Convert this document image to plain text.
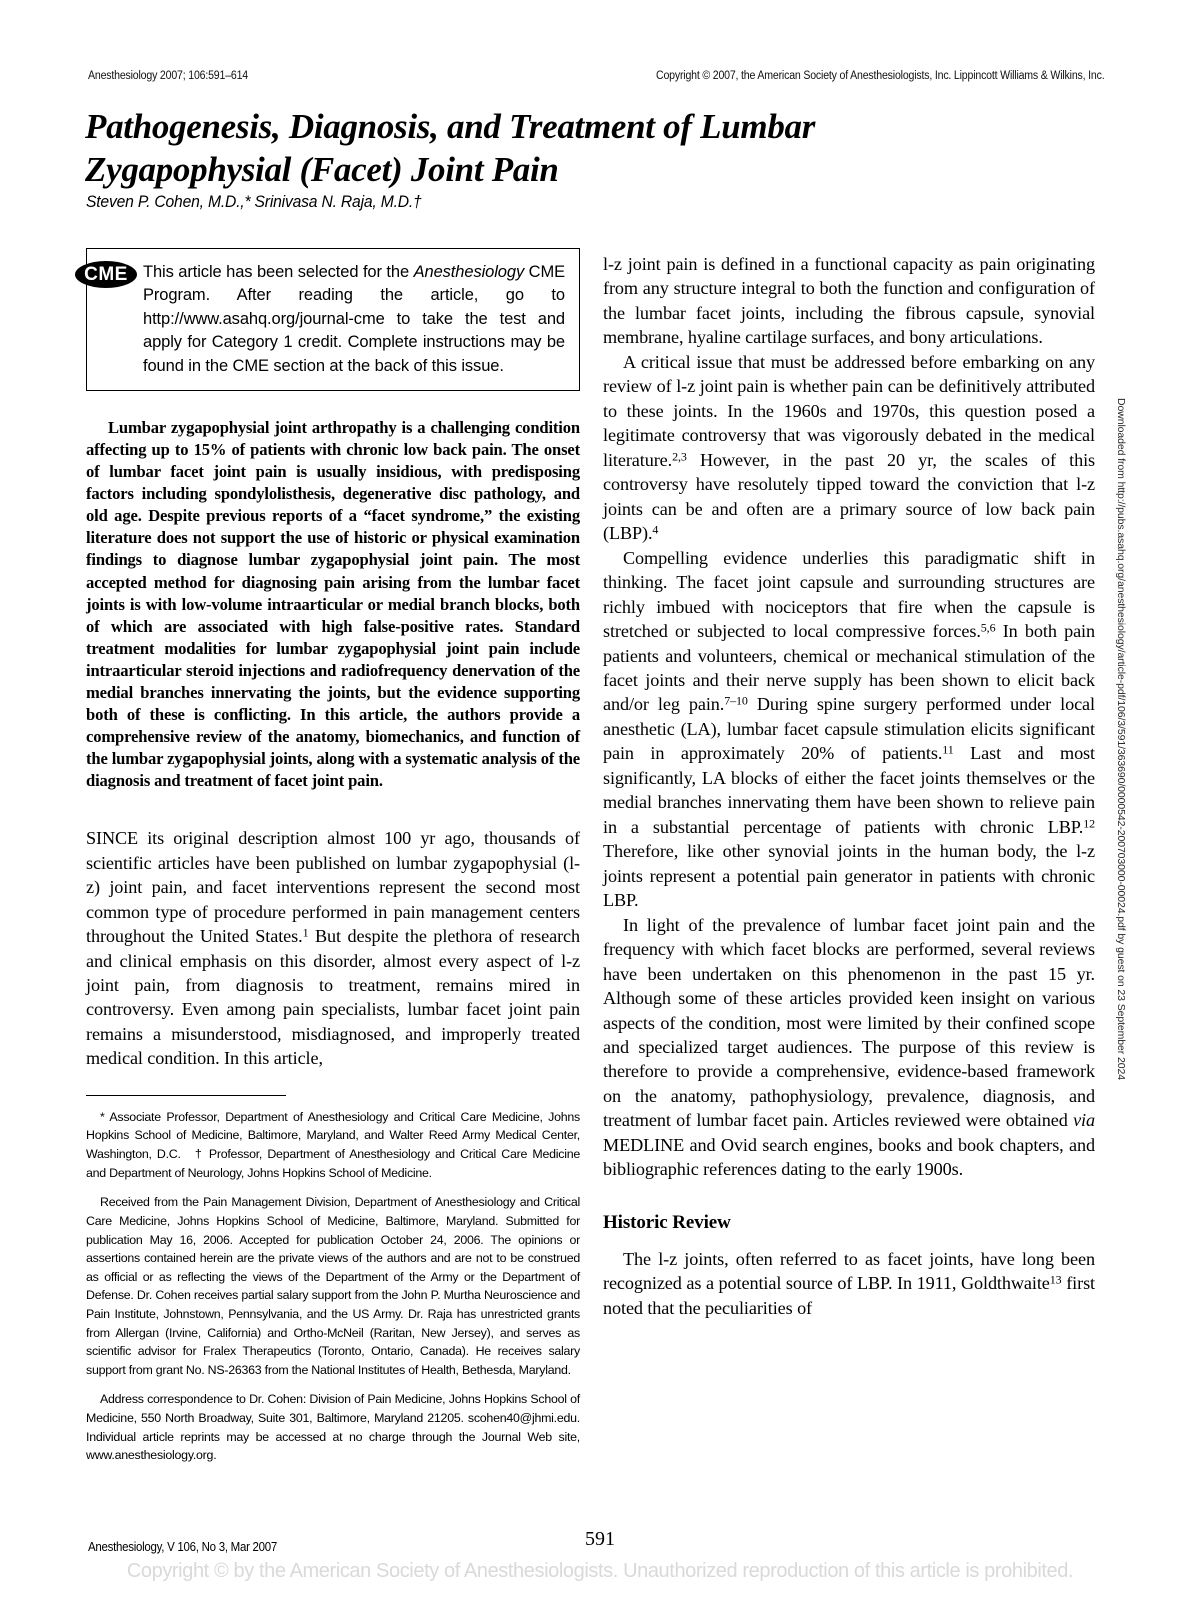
Anesthesiology 2007; 106:591–614	Copyright © 2007, the American Society of Anesthesiologists, Inc. Lippincott Williams & Wilkins, Inc.
Pathogenesis, Diagnosis, and Treatment of Lumbar
Zygapophysial (Facet) Joint Pain
Steven P. Cohen, M.D.,* Srinivasa N. Raja, M.D.†
CME This article has been selected for the Anesthesiology CME Program. After reading the article, go to http://www.asahq.org/journal-cme to take the test and apply for Category 1 credit. Complete instructions may be found in the CME section at the back of this issue.
Lumbar zygapophysial joint arthropathy is a challenging condition affecting up to 15% of patients with chronic low back pain. The onset of lumbar facet joint pain is usually insidious, with predisposing factors including spondylolisthesis, degenerative disc pathology, and old age. Despite previous reports of a “facet syndrome,” the existing literature does not support the use of historic or physical examination findings to diagnose lumbar zygapophysial joint pain. The most accepted method for diagnosing pain arising from the lumbar facet joints is with low-volume intraarticular or medial branch blocks, both of which are associated with high false-positive rates. Standard treatment modalities for lumbar zygapophysial joint pain include intraarticular steroid injections and radiofrequency denervation of the medial branches innervating the joints, but the evidence supporting both of these is conflicting. In this article, the authors provide a comprehensive review of the anatomy, biomechanics, and function of the lumbar zygapophysial joints, along with a systematic analysis of the diagnosis and treatment of facet joint pain.

SINCE its original description almost 100 yr ago, thousands of scientific articles have been published on lumbar zygapophysial (l-z) joint pain, and facet interventions represent the second most common type of procedure performed in pain management centers throughout the United States.$^1$ But despite the plethora of research and clinical emphasis on this disorder, almost every aspect of l-z joint pain, from diagnosis to treatment, remains mired in controversy. Even among pain specialists, lumbar facet joint pain remains a misunderstood, misdiagnosed, and improperly treated medical condition. In this article,

* Associate Professor, Department of Anesthesiology and Critical Care Medicine, Johns Hopkins School of Medicine, Baltimore, Maryland, and Walter Reed Army Medical Center, Washington, D.C. † Professor, Department of Anesthesiology and Critical Care Medicine and Department of Neurology, Johns Hopkins School of Medicine.

Received from the Pain Management Division, Department of Anesthesiology and Critical Care Medicine, Johns Hopkins School of Medicine, Baltimore, Maryland. Submitted for publication May 16, 2006. Accepted for publication October 24, 2006. The opinions or assertions contained herein are the private views of the authors and are not to be construed as official or as reflecting the views of the Department of the Army or the Department of Defense. Dr. Cohen receives partial salary support from the John P. Murtha Neuroscience and Pain Institute, Johnstown, Pennsylvania, and the US Army. Dr. Raja has unrestricted grants from Allergan (Irvine, California) and Ortho-McNeil (Raritan, New Jersey), and serves as scientific advisor for Fralex Therapeutics (Toronto, Ontario, Canada). He receives salary support from grant No. NS-26363 from the National Institutes of Health, Bethesda, Maryland.

Address correspondence to Dr. Cohen: Division of Pain Medicine, Johns Hopkins School of Medicine, 550 North Broadway, Suite 301, Baltimore, Maryland 21205. scohen40@jhmi.edu. Individual article reprints may be accessed at no charge through the Journal Web site, www.anesthesiology.org.

l-z joint pain is defined in a functional capacity as pain originating from any structure integral to both the function and configuration of the lumbar facet joints, including the fibrous capsule, synovial membrane, hyaline cartilage surfaces, and bony articulations.

A critical issue that must be addressed before embarking on any review of l-z joint pain is whether pain can be definitively attributed to these joints. In the 1960s and 1970s, this question posed a legitimate controversy that was vigorously debated in the medical literature.$^{2,3}$ However, in the past 20 yr, the scales of this controversy have resolutely tipped toward the conviction that l-z joints can be and often are a primary source of low back pain (LBP).$^4$

Compelling evidence underlies this paradigmatic shift in thinking. The facet joint capsule and surrounding structures are richly imbued with nociceptors that fire when the capsule is stretched or subjected to local compressive forces.$^{5,6}$ In both pain patients and volunteers, chemical or mechanical stimulation of the facet joints and their nerve supply has been shown to elicit back and/or leg pain.$^{7-10}$ During spine surgery performed under local anesthetic (LA), lumbar facet capsule stimulation elicits significant pain in approximately 20% of patients.$^{11}$ Last and most significantly, LA blocks of either the facet joints themselves or the medial branches innervating them have been shown to relieve pain in a substantial percentage of patients with chronic LBP.$^{12}$ Therefore, like other synovial joints in the human body, the l-z joints represent a potential pain generator in patients with chronic LBP.

In light of the prevalence of lumbar facet joint pain and the frequency with which facet blocks are performed, several reviews have been undertaken on this phenomenon in the past 15 yr. Although some of these articles provided keen insight on various aspects of the condition, most were limited by their confined scope and specialized target audiences. The purpose of this review is therefore to provide a comprehensive, evidence-based framework on the anatomy, pathophysiology, prevalence, diagnosis, and treatment of lumbar facet pain. Articles reviewed were obtained via MEDLINE and Ovid search engines, books and book chapters, and bibliographic references dating to the early 1900s.

Historic Review

The l-z joints, often referred to as facet joints, have long been recognized as a potential source of LBP. In 1911, Goldthwaite$^{13}$ first noted that the peculiarities of

Downloaded from http://pubs.asahq.org/anesthesiology/article-pdf/106/3/591/363690/0000542-200703000-00024.pdf by guest on 23 September 2024
Anesthesiology, V 106, No 3, Mar 2007	591
Copyright © by the American Society of Anesthesiologists. Unauthorized reproduction of this article is prohibited.
